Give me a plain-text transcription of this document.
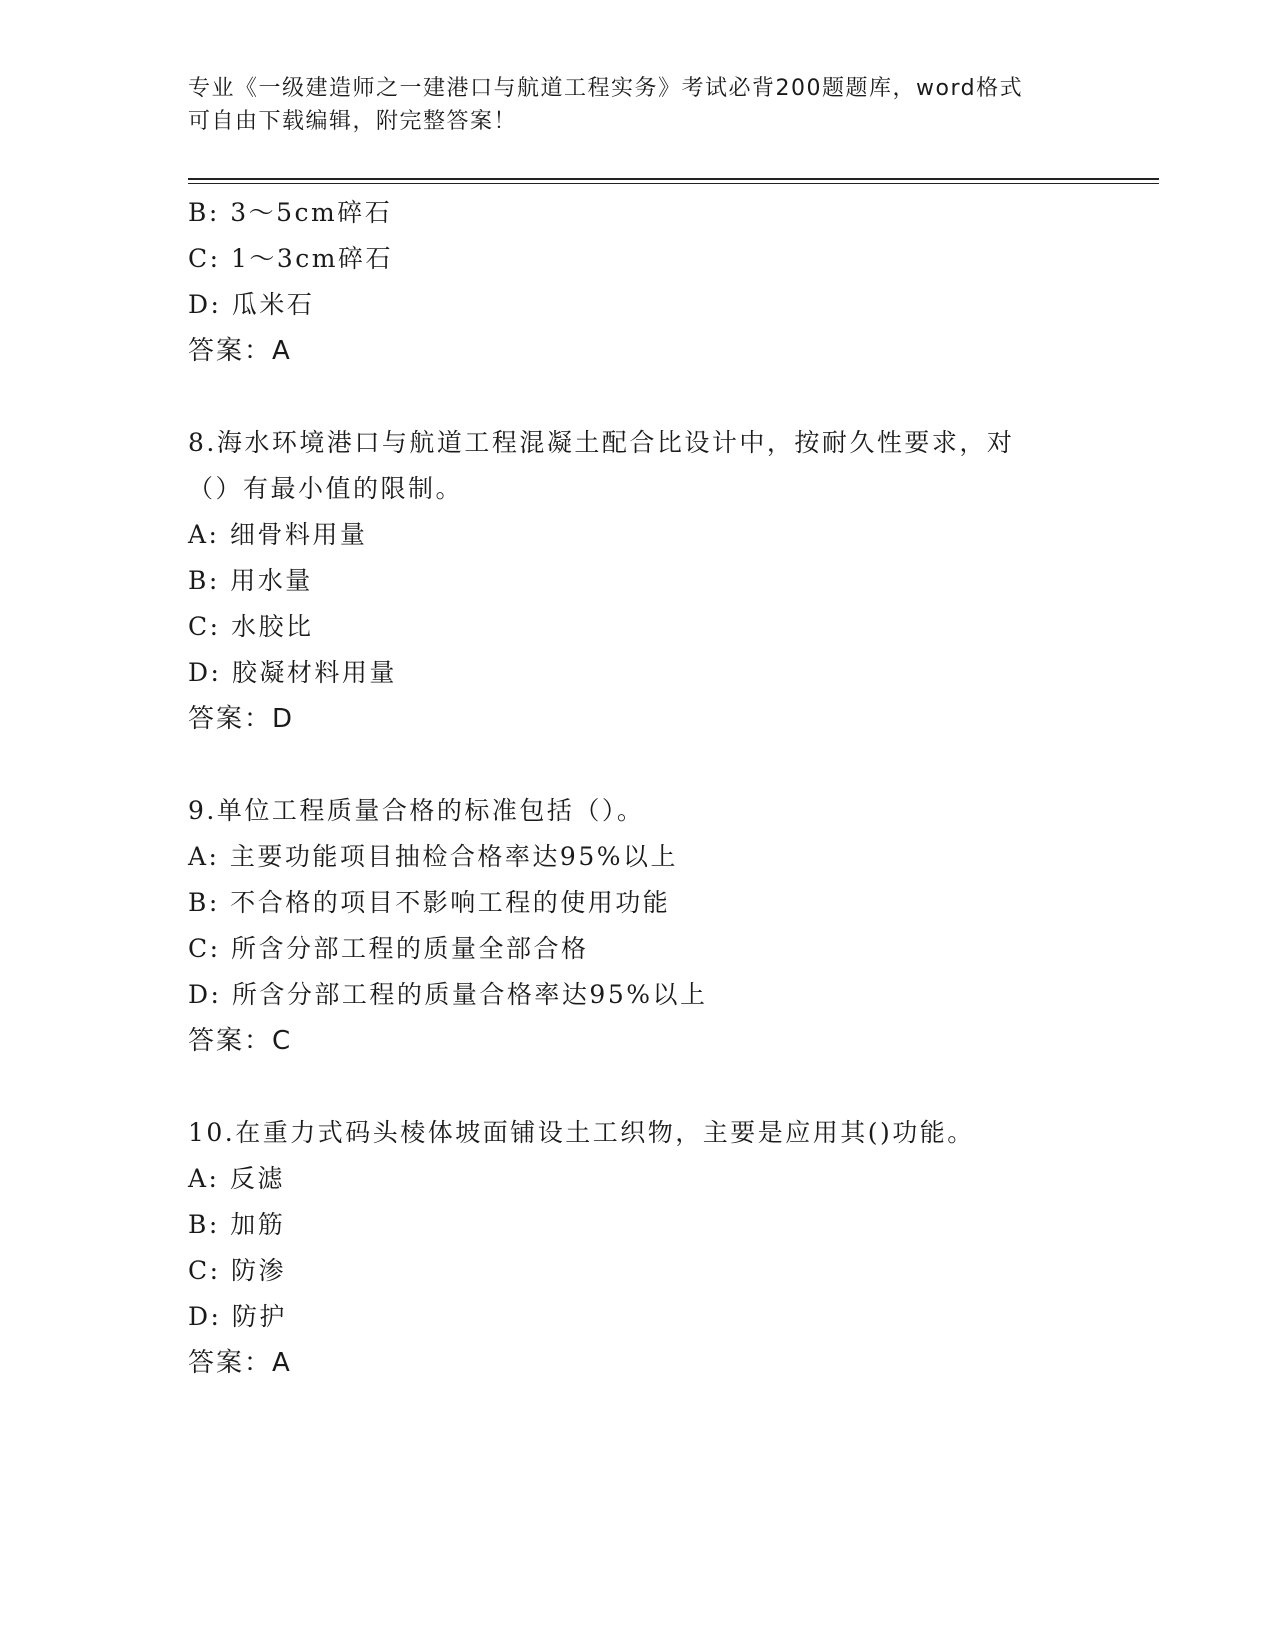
专业《一级建造师之一建港口与航道工程实务》考试必背200题题库，word格式
可自由下载编辑，附完整答案！
B: 3～5cm碎石
C: 1～3cm碎石
D: 瓜米石
答案：A
8.海水环境港口与航道工程混凝土配合比设计中，按耐久性要求，对
（）有最小值的限制。
A: 细骨料用量
B: 用水量
C: 水胶比
D: 胶凝材料用量
答案：D
9.单位工程质量合格的标准包括（）。
A: 主要功能项目抽检合格率达95%以上
B: 不合格的项目不影响工程的使用功能
C: 所含分部工程的质量全部合格
D: 所含分部工程的质量合格率达95%以上
答案：C
10.在重力式码头棱体坡面铺设土工织物，主要是应用其()功能。
A: 反滤
B: 加筋
C: 防渗
D: 防护
答案：A
